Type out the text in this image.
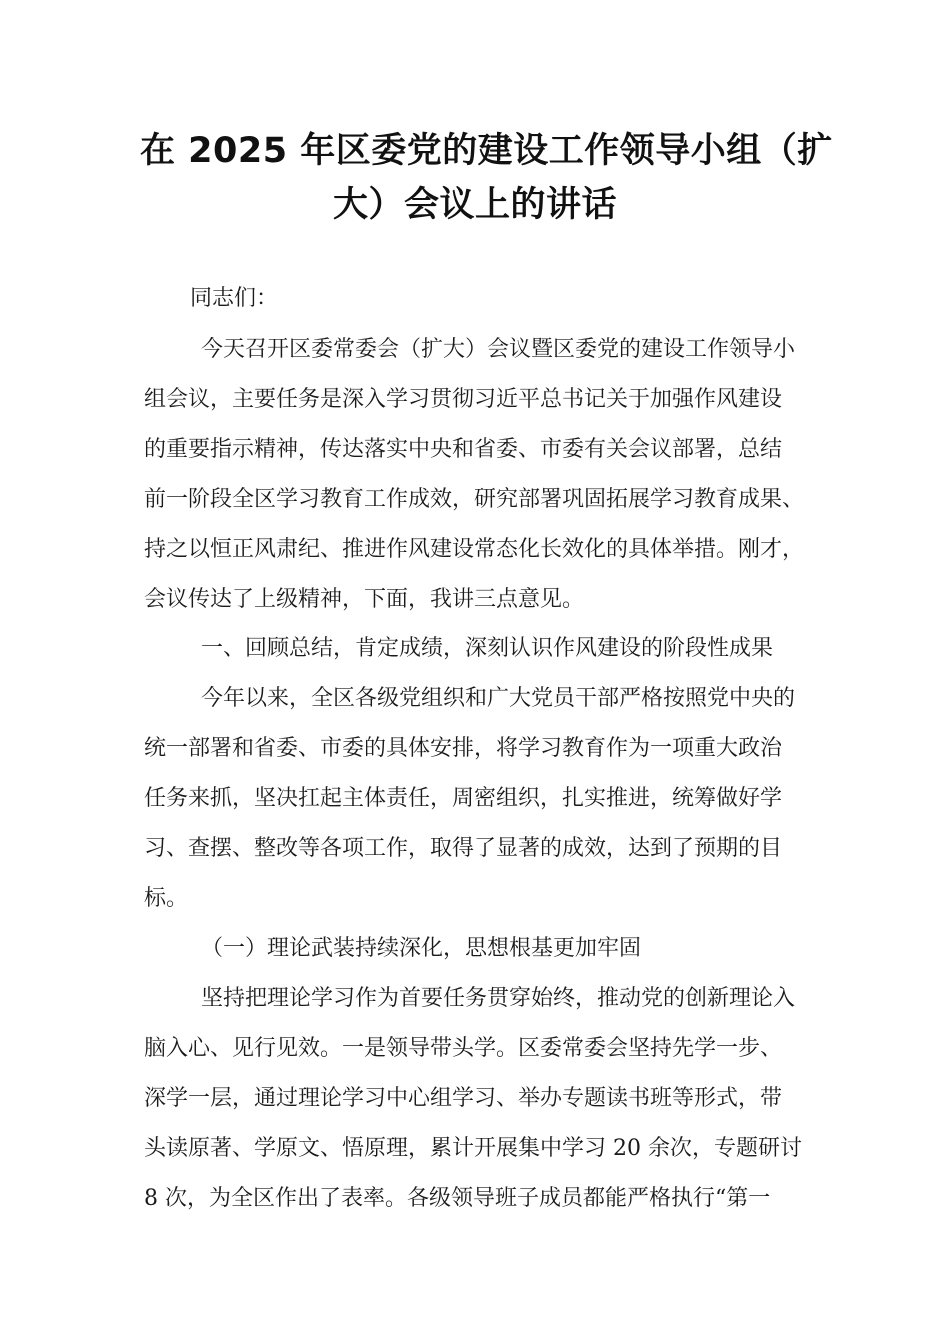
在 2025 年区委党的建设工作领导小组（扩
大）会议上的讲话
同志们：
今天召开区委常委会（扩大）会议暨区委党的建设工作领导小
组会议，主要任务是深入学习贯彻习近平总书记关于加强作风建设
的重要指示精神，传达落实中央和省委、市委有关会议部署，总结
前一阶段全区学习教育工作成效，研究部署巩固拓展学习教育成果、
持之以恒正风肃纪、推进作风建设常态化长效化的具体举措。刚才，
会议传达了上级精神，下面，我讲三点意见。
一、回顾总结，肯定成绩，深刻认识作风建设的阶段性成果
今年以来，全区各级党组织和广大党员干部严格按照党中央的
统一部署和省委、市委的具体安排，将学习教育作为一项重大政治
任务来抓，坚决扛起主体责任，周密组织，扎实推进，统筹做好学
习、查摆、整改等各项工作，取得了显著的成效，达到了预期的目
标。
（一）理论武装持续深化，思想根基更加牢固
坚持把理论学习作为首要任务贯穿始终，推动党的创新理论入
脑入心、见行见效。一是领导带头学。区委常委会坚持先学一步、
深学一层，通过理论学习中心组学习、举办专题读书班等形式，带
头读原著、学原文、悟原理，累计开展集中学习 20 余次，专题研讨
8 次，为全区作出了表率。各级领导班子成员都能严格执行“第一
